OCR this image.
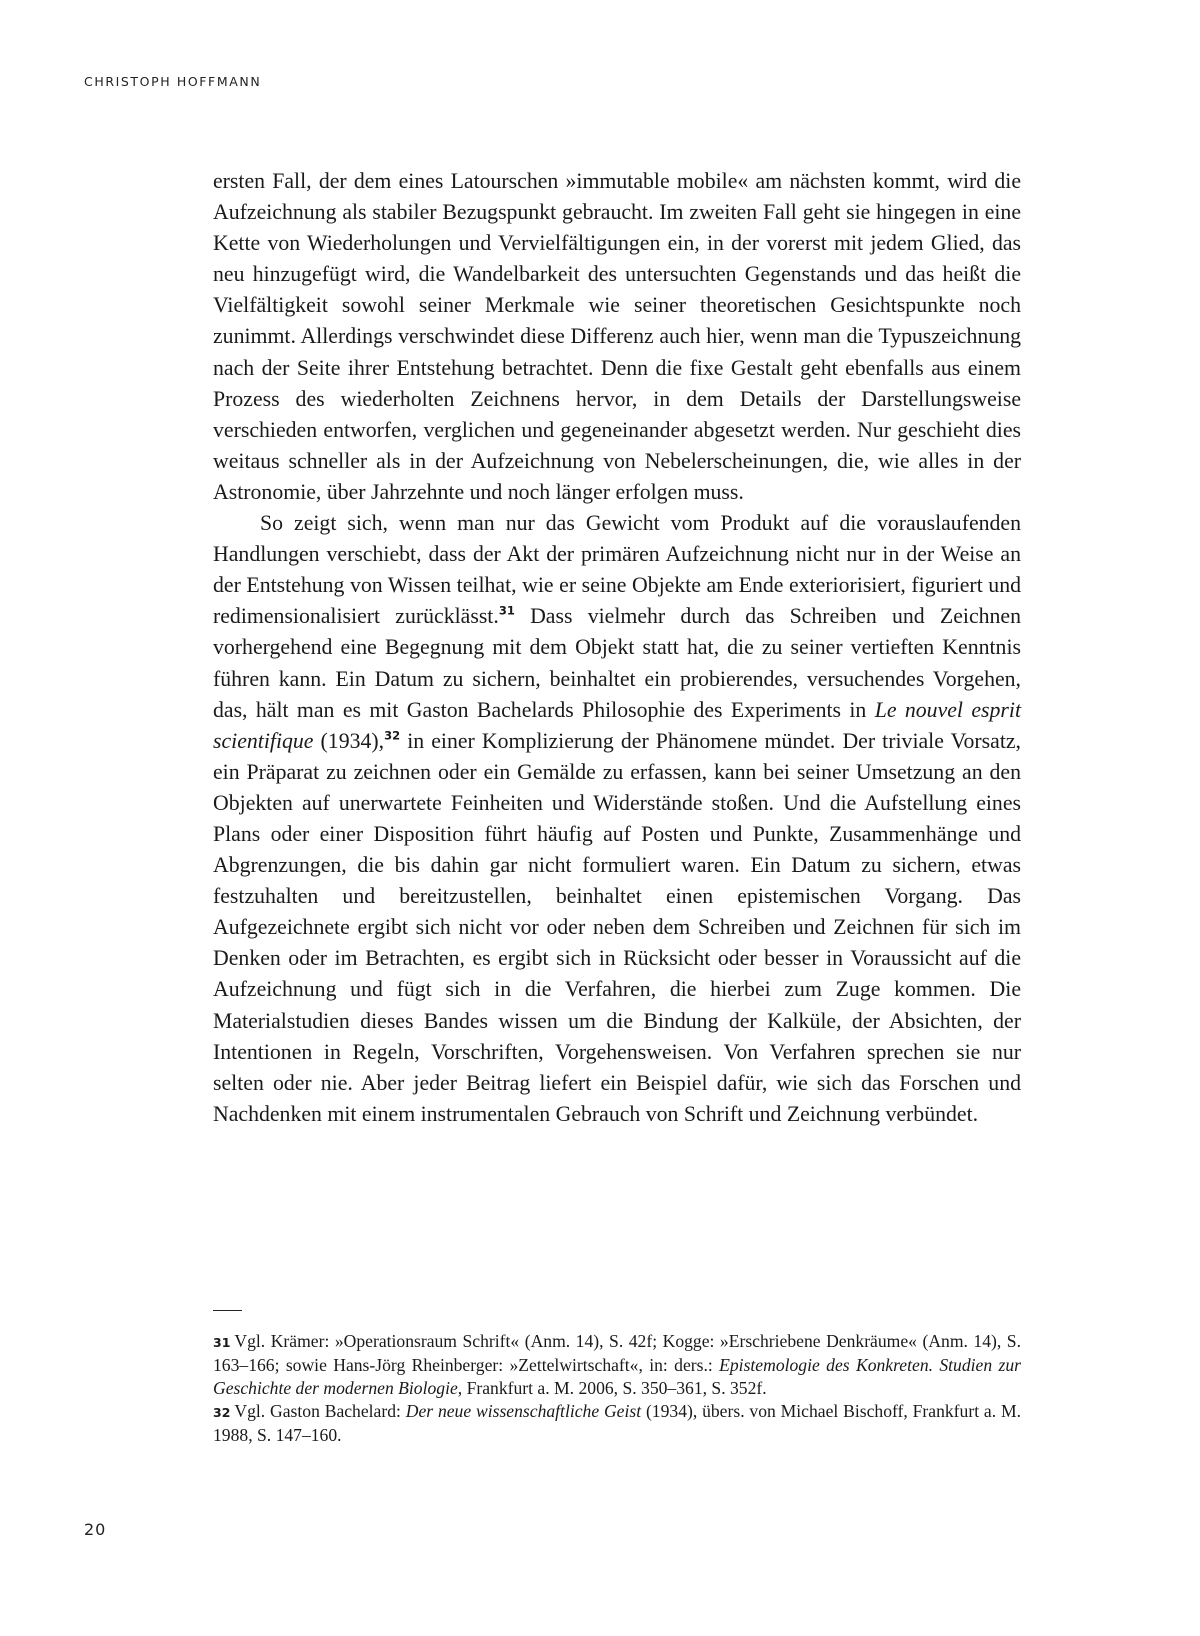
CHRISTOPH HOFFMANN

ersten Fall, der dem eines Latourschen »immutable mobile« am nächsten kommt, wird die Aufzeichnung als stabiler Bezugspunkt gebraucht. Im zweiten Fall geht sie hingegen in eine Kette von Wiederholungen und Vervielfältigungen ein, in der vorerst mit jedem Glied, das neu hinzugefügt wird, die Wandelbarkeit des untersuchten Gegenstands und das heißt die Vielfältigkeit sowohl seiner Merkmale wie seiner theoretischen Gesichtspunkte noch zunimmt. Allerdings verschwindet diese Differenz auch hier, wenn man die Typuszeichnung nach der Seite ihrer Entstehung betrachtet. Denn die fixe Gestalt geht ebenfalls aus einem Prozess des wiederholten Zeichnens hervor, in dem Details der Darstellungsweise verschieden entworfen, verglichen und gegeneinander abgesetzt werden. Nur geschieht dies weitaus schneller als in der Aufzeichnung von Nebelerscheinungen, die, wie alles in der Astronomie, über Jahrzehnte und noch länger erfolgen muss.

So zeigt sich, wenn man nur das Gewicht vom Produkt auf die vorauslaufenden Handlungen verschiebt, dass der Akt der primären Aufzeichnung nicht nur in der Weise an der Entstehung von Wissen teilhat, wie er seine Objekte am Ende exteriorisiert, figuriert und redimensionalisiert zurücklässt.$^{31}$ Dass vielmehr durch das Schreiben und Zeichnen vorhergehend eine Begegnung mit dem Objekt statt hat, die zu seiner vertieften Kenntnis führen kann. Ein Datum zu sichern, beinhaltet ein probierendes, versuchendes Vorgehen, das, hält man es mit Gaston Bachelards Philosophie des Experiments in Le nouvel esprit scientifique (1934),$^{32}$ in einer Komplizierung der Phänomene mündet. Der triviale Vorsatz, ein Präparat zu zeichnen oder ein Gemälde zu erfassen, kann bei seiner Umsetzung an den Objekten auf unerwartete Feinheiten und Widerstände stoßen. Und die Aufstellung eines Plans oder einer Disposition führt häufig auf Posten und Punkte, Zusammenhänge und Abgrenzungen, die bis dahin gar nicht formuliert waren. Ein Datum zu sichern, etwas festzuhalten und bereitzustellen, beinhaltet einen epistemischen Vorgang. Das Aufgezeichnete ergibt sich nicht vor oder neben dem Schreiben und Zeichnen für sich im Denken oder im Betrachten, es ergibt sich in Rücksicht oder besser in Voraussicht auf die Aufzeichnung und fügt sich in die Verfahren, die hierbei zum Zuge kommen. Die Materialstudien dieses Bandes wissen um die Bindung der Kalküle, der Absichten, der Intentionen in Regeln, Vorschriften, Vorgehensweisen. Von Verfahren sprechen sie nur selten oder nie. Aber jeder Beitrag liefert ein Beispiel dafür, wie sich das Forschen und Nachdenken mit einem instrumentalen Gebrauch von Schrift und Zeichnung verbündet.

31 Vgl. Krämer: »Operationsraum Schrift« (Anm. 14), S. 42f; Kogge: »Erschriebene Denkräume« (Anm. 14), S. 163–166; sowie Hans-Jörg Rheinberger: »Zettelwirtschaft«, in: ders.: Epistemologie des Konkreten. Studien zur Geschichte der modernen Biologie, Frankfurt a. M. 2006, S. 350–361, S. 352f.

32 Vgl. Gaston Bachelard: Der neue wissenschaftliche Geist (1934), übers. von Michael Bischoff, Frankfurt a. M. 1988, S. 147–160.

20
